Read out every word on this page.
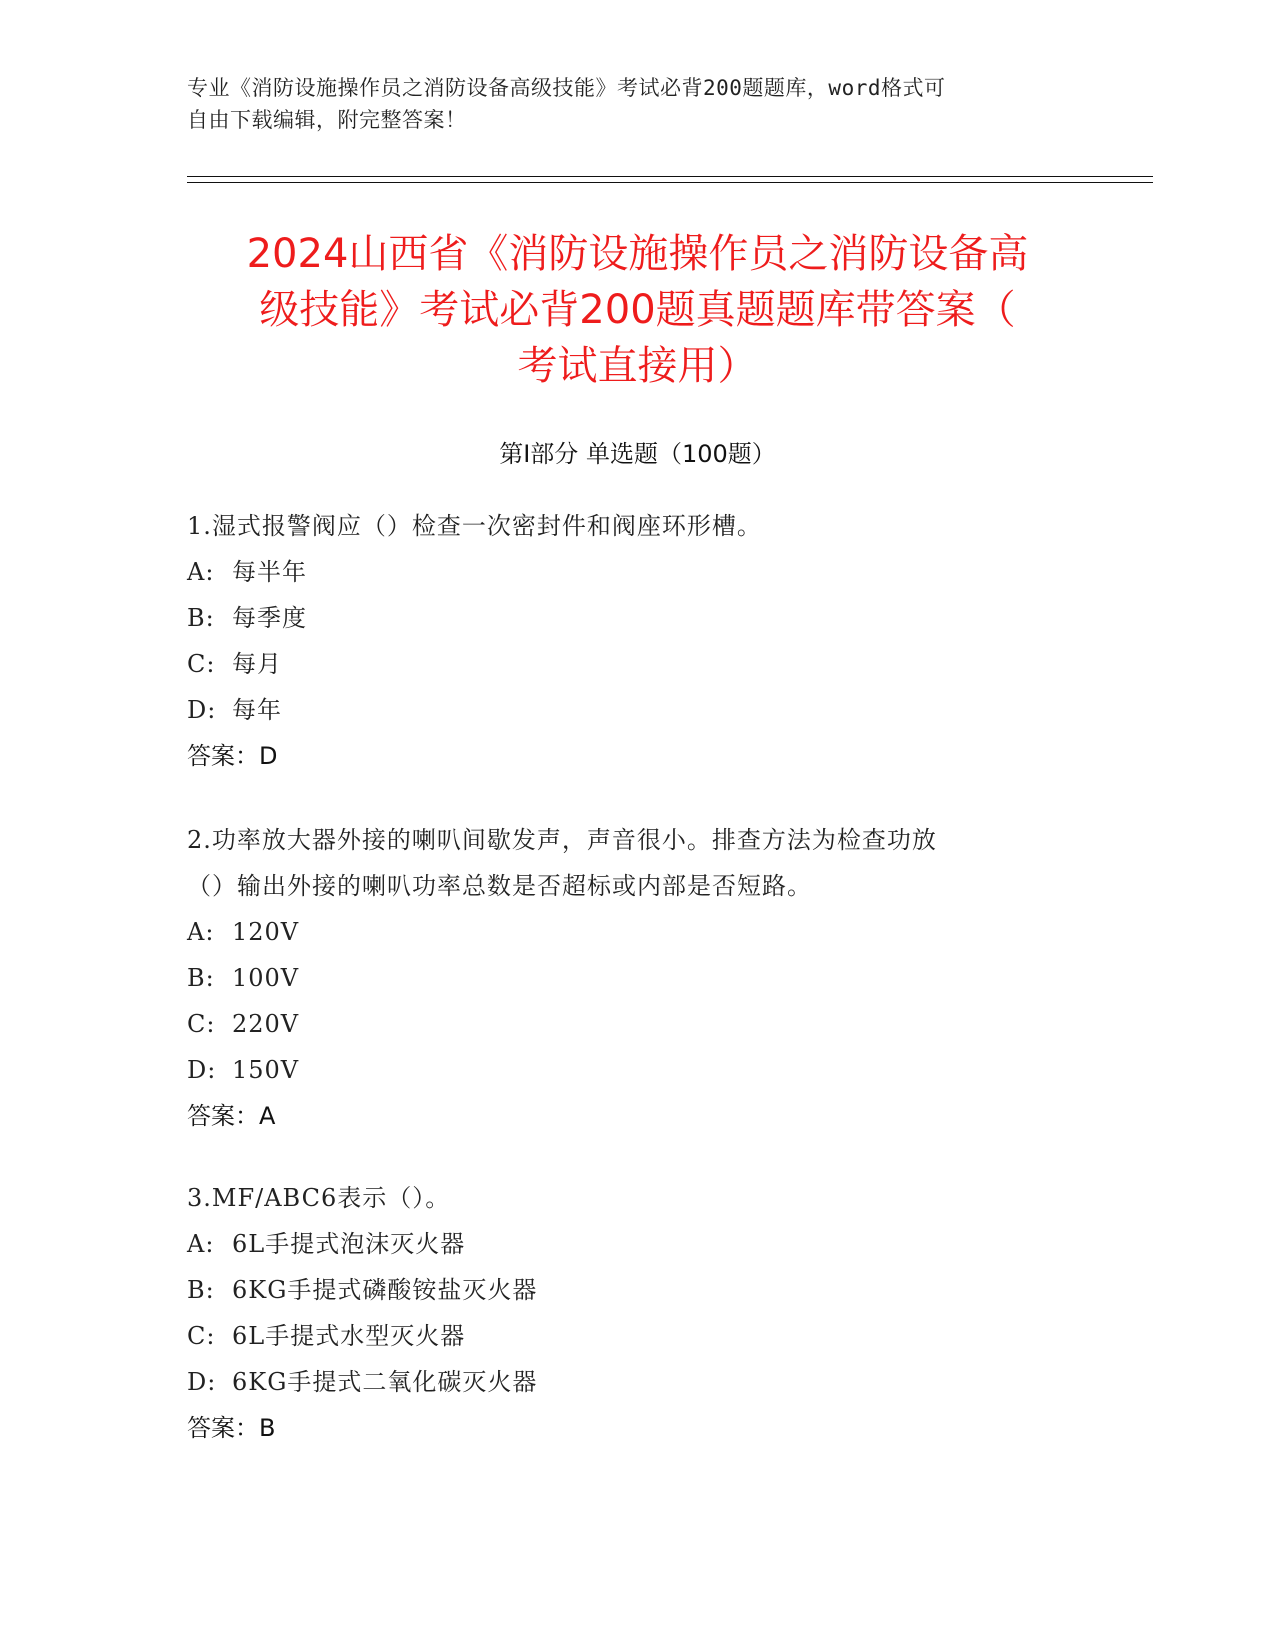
专业《消防设施操作员之消防设备高级技能》考试必背200题题库，word格式可
自由下载编辑，附完整答案！
2024山西省《消防设施操作员之消防设备高
级技能》考试必背200题真题题库带答案（
考试直接用）
第Ⅰ部分 单选题（100题）
1.湿式报警阀应（）检查一次密封件和阀座环形槽。
A: 每半年
B: 每季度
C: 每月
D: 每年
答案：D
2.功率放大器外接的喇叭间歇发声，声音很小。排查方法为检查功放
（）输出外接的喇叭功率总数是否超标或内部是否短路。
A: 120V
B: 100V
C: 220V
D: 150V
答案：A
3.MF/ABC6表示（）。
A: 6L手提式泡沫灭火器
B: 6KG手提式磷酸铵盐灭火器
C: 6L手提式水型灭火器
D: 6KG手提式二氧化碳灭火器
答案：B
